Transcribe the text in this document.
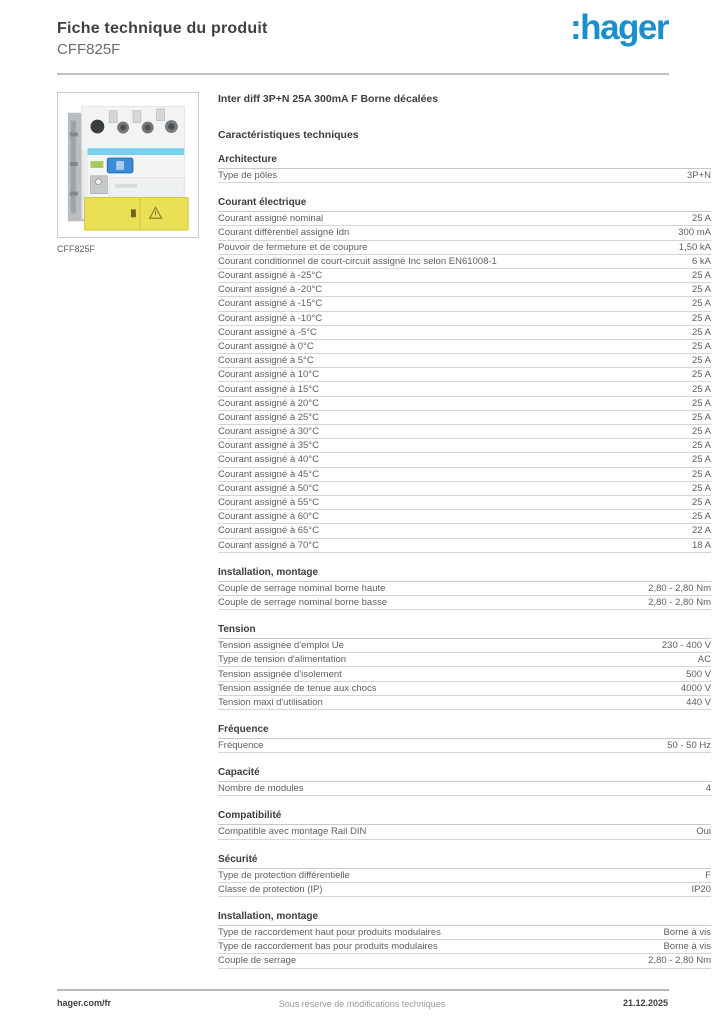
Fiche technique du produit
CFF825F
:hager
CFF825F
Inter diff 3P+N 25A 300mA F Borne décalées
Caractéristiques techniques
Architecture
Type de pôles	3P+N
Courant électrique
Courant assigné nominal	25 A
Courant différentiel assigné Idn	300 mA
Pouvoir de fermeture et de coupure	1,50 kA
Courant conditionnel de court-circuit assigné Inc selon EN61008-1	6 kA
Courant assigné à -25°C	25 A
Courant assigné à -20°C	25 A
Courant assigné à -15°C	25 A
Courant assigné à -10°C	25 A
Courant assigné à -5°C	25 A
Courant assigné à 0°C	25 A
Courant assigné à 5°C	25 A
Courant assigné à 10°C	25 A
Courant assigné à 15°C	25 A
Courant assigné à 20°C	25 A
Courant assigné à 25°C	25 A
Courant assigné à 30°C	25 A
Courant assigné à 35°C	25 A
Courant assigné à 40°C	25 A
Courant assigné à 45°C	25 A
Courant assigné à 50°C	25 A
Courant assigné à 55°C	25 A
Courant assigné à 60°C	25 A
Courant assigné à 65°C	22 A
Courant assigné à 70°C	18 A
Installation, montage
Couple de serrage nominal borne haute	2,80 - 2,80 Nm
Couple de serrage nominal borne basse	2,80 - 2,80 Nm
Tension
Tension assignée d'emploi Ue	230 - 400 V
Type de tension d'alimentation	AC
Tension assignée d'isolement	500 V
Tension assignée de tenue aux chocs	4000 V
Tension maxi d'utilisation	440 V
Fréquence
Fréquence	50 - 50 Hz
Capacité
Nombre de modules	4
Compatibilité
Compatible avec montage Rail DIN	Oui
Sécurité
Type de protection différentielle	F
Classe de protection (IP)	IP20
Installation, montage
Type de raccordement haut pour produits modulaires	Borne à vis
Type de raccordement bas pour produits modulaires	Borne à vis
Couple de serrage	2,80 - 2,80 Nm
hager.com/fr	Sous réserve de modifications techniques	21.12.2025
